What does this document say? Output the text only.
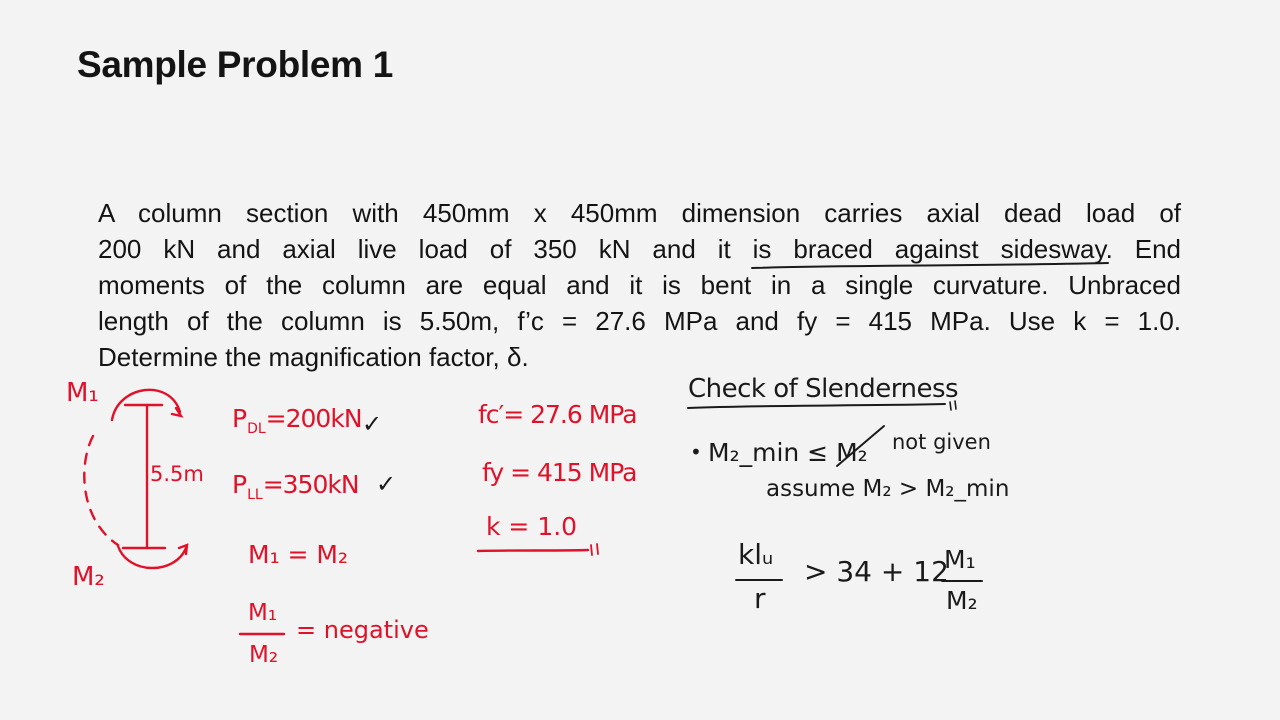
Sample Problem 1
A column section with 450mm x 450mm dimension carries axial dead load of
200 kN and axial live load of 350 kN and it is braced against sidesway. End
moments of the column are equal and it is bent in a single curvature. Unbraced
length of the column is 5.50m, f’c = 27.6 MPa and fy = 415 MPa. Use k = 1.0.
Determine the magnification factor, δ.
M₁
M₂
5.5m
$P_{DL}=200kN$ ✓
$P_{LL}=350kN$ ✓
M₁ = M₂
M₁
M₂
= negative
fc′= 27.6 MPa
fy = 415 MPa
k = 1.0
Check of Slenderness
• M₂_min ≤ M₂ not given
assume M₂ > M₂_min
klᵤ
r
> 34 + 12
M₁
M₂
